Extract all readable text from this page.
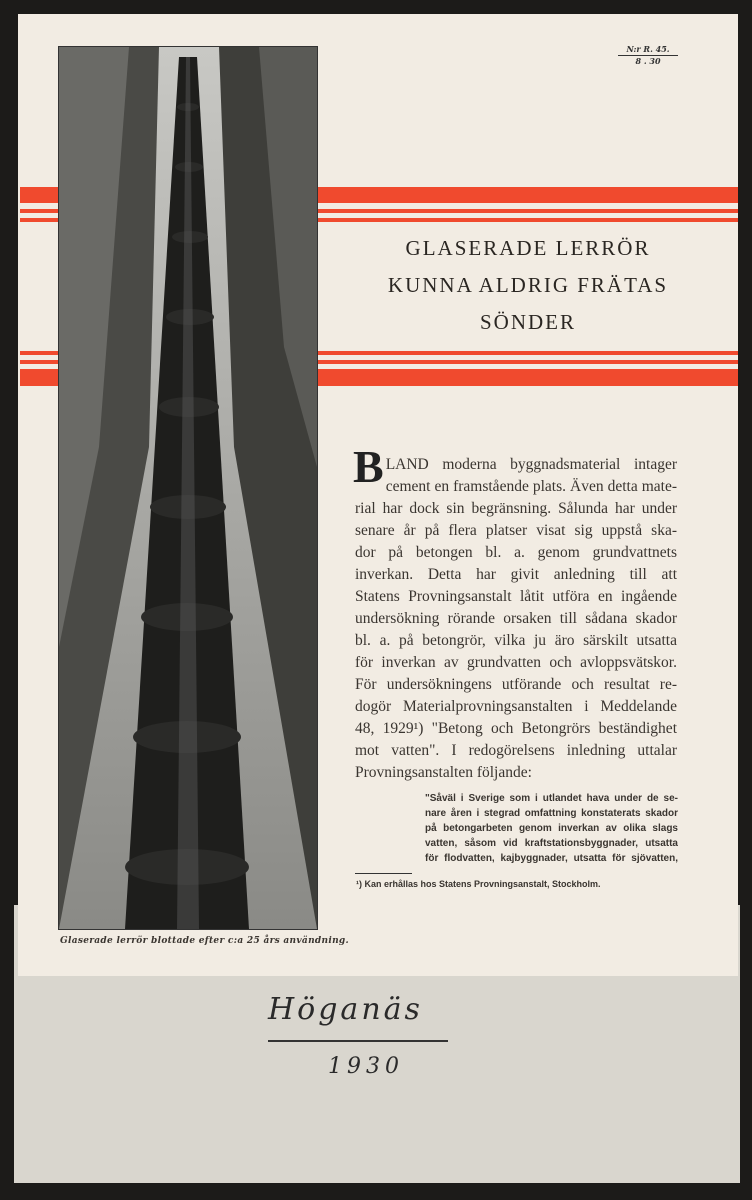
N:r R. 45.
8 . 30
GLASERADE LERRÖR
KUNNA ALDRIG FRÄTAS
SÖNDER
B LAND moderna byggnadsmaterial intager
cement en framstående plats. Även detta mate-
rial har dock sin begränsning. Sålunda har under
senare år på flera platser visat sig uppstå ska-
dor på betongen bl. a. genom grundvattnets
inverkan. Detta har givit anledning till att
Statens Provningsanstalt låtit utföra en ingående
undersökning rörande orsaken till sådana skador
bl. a. på betongrör, vilka ju äro särskilt utsatta
för inverkan av grundvatten och avloppsvätskor.
För undersökningens utförande och resultat re-
dogör Materialprovningsanstalten i Meddelande
48, 1929¹) "Betong och Betongrörs beständighet
mot vatten". I redogörelsens inledning uttalar
Provningsanstalten följande:
"Såväl i Sverige som i utlandet hava under de se-
nare åren i stegrad omfattning konstaterats skador
på betongarbeten genom inverkan av olika slags
vatten, såsom vid kraftstationsbyggnader, utsatta
för flodvatten, kajbyggnader, utsatta för sjövatten,
¹) Kan erhållas hos Statens Provningsanstalt, Stockholm.
Glaserade lerrör blottade efter c:a 25 års användning.
Höganäs
1930
